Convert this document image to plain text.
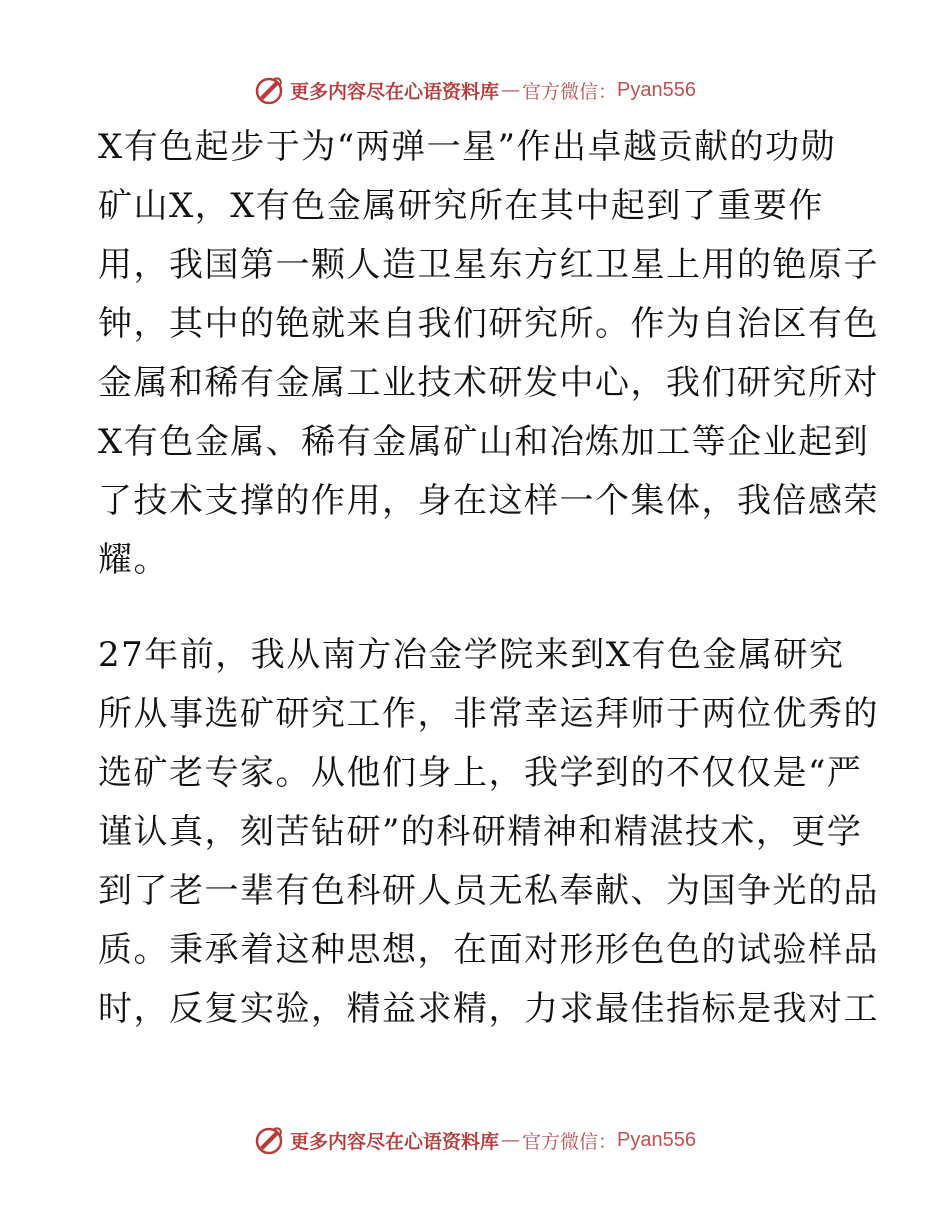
更多内容尽在心语资料库 — 官方微信： Pyan556
X有色起步于为“两弹一星”作出卓越贡献的功勋
矿山X，X有色金属研究所在其中起到了重要作
用，我国第一颗人造卫星东方红卫星上用的铯原子
钟，其中的铯就来自我们研究所。作为自治区有色
金属和稀有金属工业技术研发中心，我们研究所对
X有色金属、稀有金属矿山和冶炼加工等企业起到
了技术支撑的作用，身在这样一个集体，我倍感荣
耀。
27年前，我从南方冶金学院来到X有色金属研究
所从事选矿研究工作，非常幸运拜师于两位优秀的
选矿老专家。从他们身上，我学到的不仅仅是“严
谨认真，刻苦钻研”的科研精神和精湛技术，更学
到了老一辈有色科研人员无私奉献、为国争光的品
质。秉承着这种思想，在面对形形色色的试验样品
时，反复实验，精益求精，力求最佳指标是我对工
更多内容尽在心语资料库 — 官方微信： Pyan556
